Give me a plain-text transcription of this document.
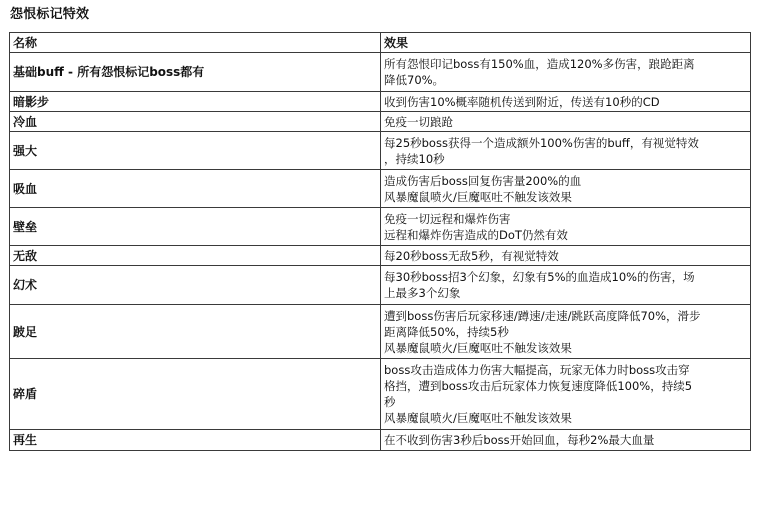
怨恨标记特效
名称	效果
基础buff - 所有怨恨标记boss都有	所有怨恨印记boss有150%血，造成120%多伤害，踉跄距离
降低70%。
暗影步	收到伤害10%概率随机传送到附近，传送有10秒的CD
冷血	免疫一切踉跄
强大	每25秒boss获得一个造成额外100%伤害的buff，有视觉特效
，持续10秒
吸血	造成伤害后boss回复伤害量200%的血
风暴魔鼠喷火/巨魔呕吐不触发该效果
壁垒	免疫一切远程和爆炸伤害
远程和爆炸伤害造成的DoT仍然有效
无敌	每20秒boss无敌5秒，有视觉特效
幻术	每30秒boss招3个幻象，幻象有5%的血造成10%的伤害，场
上最多3个幻象
跛足	遭到boss伤害后玩家移速/蹲速/走速/跳跃高度降低70%，滑步
距离降低50%，持续5秒
风暴魔鼠喷火/巨魔呕吐不触发该效果
碎盾	boss攻击造成体力伤害大幅提高，玩家无体力时boss攻击穿
格挡，遭到boss攻击后玩家体力恢复速度降低100%，持续5
秒
风暴魔鼠喷火/巨魔呕吐不触发该效果
再生	在不收到伤害3秒后boss开始回血，每秒2%最大血量
